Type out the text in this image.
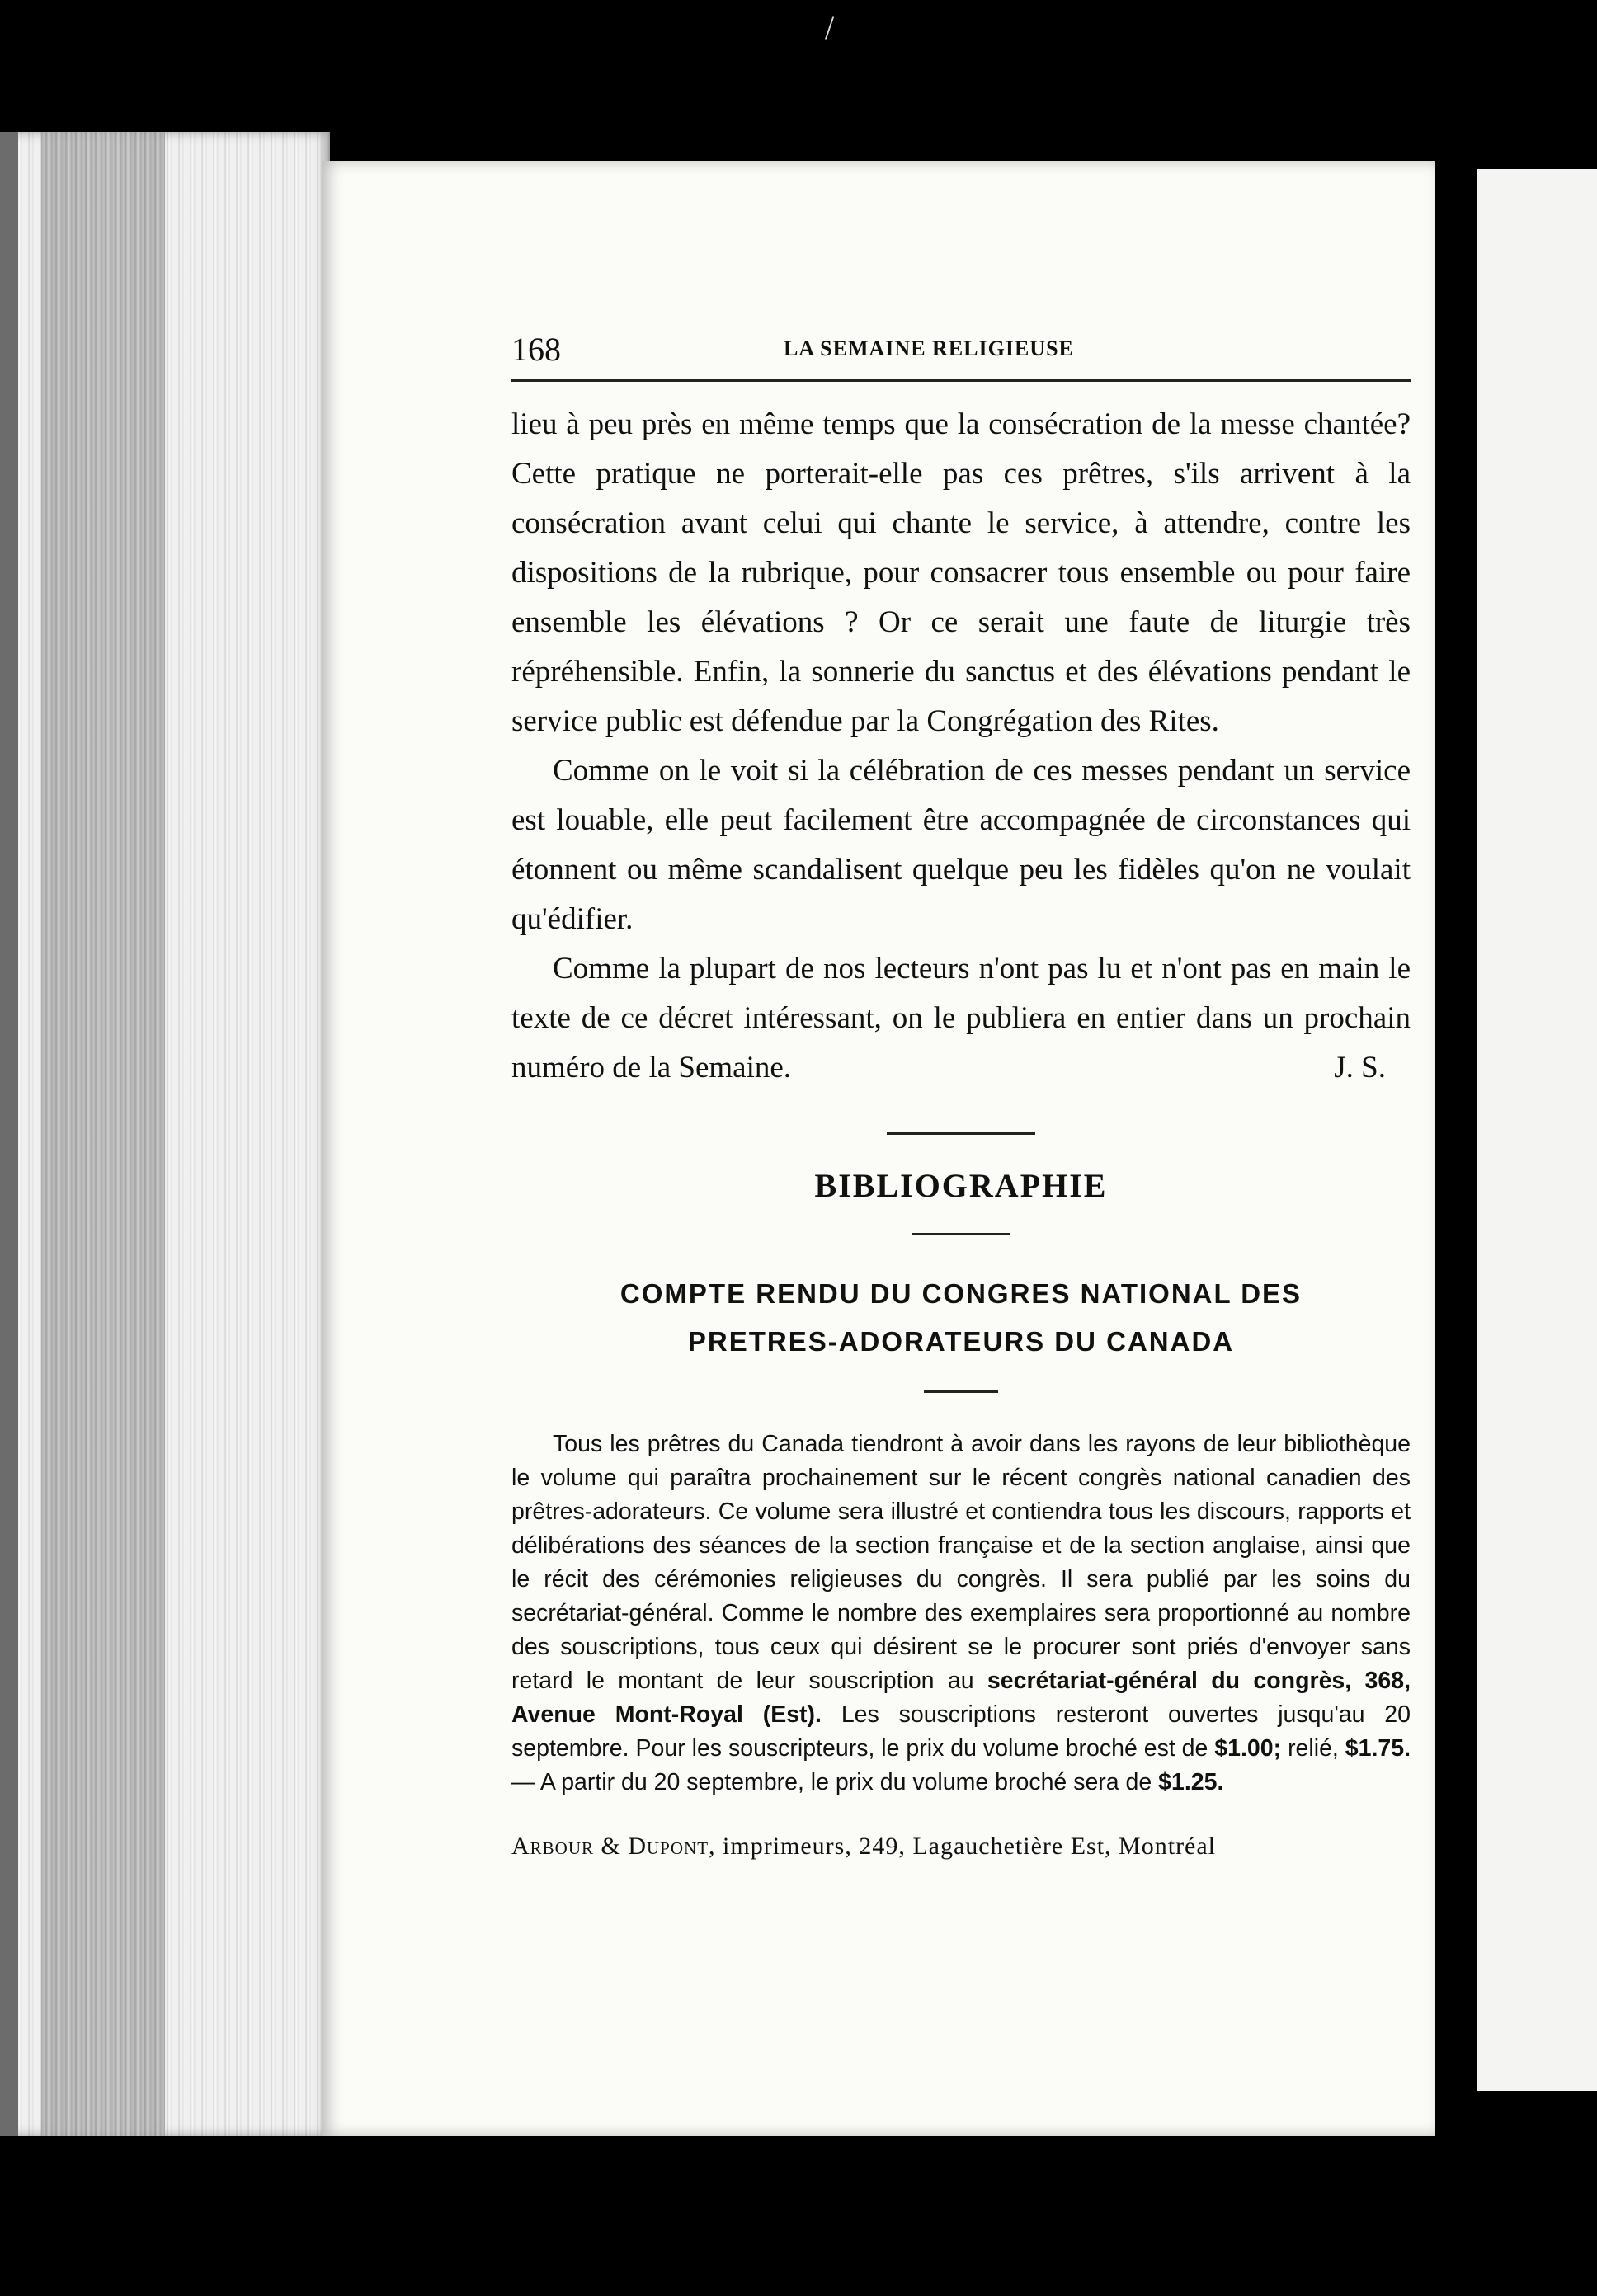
/
168	LA SEMAINE RELIGIEUSE

lieu à peu près en même temps que la consécration de la messe chantée? Cette pratique ne porterait-elle pas ces prêtres, s'ils arrivent à la consécration avant celui qui chante le service, à attendre, contre les dispositions de la rubrique, pour consacrer tous ensemble ou pour faire ensemble les élévations ? Or ce serait une faute de liturgie très répréhensible. Enfin, la sonnerie du sanctus et des élévations pendant le service public est défendue par la Congrégation des Rites.

Comme on le voit si la célébration de ces messes pendant un service est louable, elle peut facilement être accompagnée de circonstances qui étonnent ou même scandalisent quelque peu les fidèles qu'on ne voulait qu'édifier.

Comme la plupart de nos lecteurs n'ont pas lu et n'ont pas en main le texte de ce décret intéressant, on le publiera en entier dans un prochain numéro de la Semaine.	J. S.
BIBLIOGRAPHIE
COMPTE RENDU DU CONGRES NATIONAL DES
PRETRES-ADORATEURS DU CANADA

Tous les prêtres du Canada tiendront à avoir dans les rayons de leur bibliothèque le volume qui paraîtra prochainement sur le récent congrès national canadien des prêtres-adorateurs. Ce volume sera illustré et contiendra tous les discours, rapports et délibérations des séances de la section française et de la section anglaise, ainsi que le récit des cérémonies religieuses du congrès. Il sera publié par les soins du secrétariat-général. Comme le nombre des exemplaires sera proportionné au nombre des souscriptions, tous ceux qui désirent se le procurer sont priés d'envoyer sans retard le montant de leur souscription au secrétariat-général du congrès, 368, Avenue Mont-Royal (Est). Les souscriptions resteront ouvertes jusqu'au 20 septembre. Pour les souscripteurs, le prix du volume broché est de $1.00; relié, $1.75. — A partir du 20 septembre, le prix du volume broché sera de $1.25.

Arbour & Dupont, imprimeurs, 249, Lagauchetière Est, Montréal
